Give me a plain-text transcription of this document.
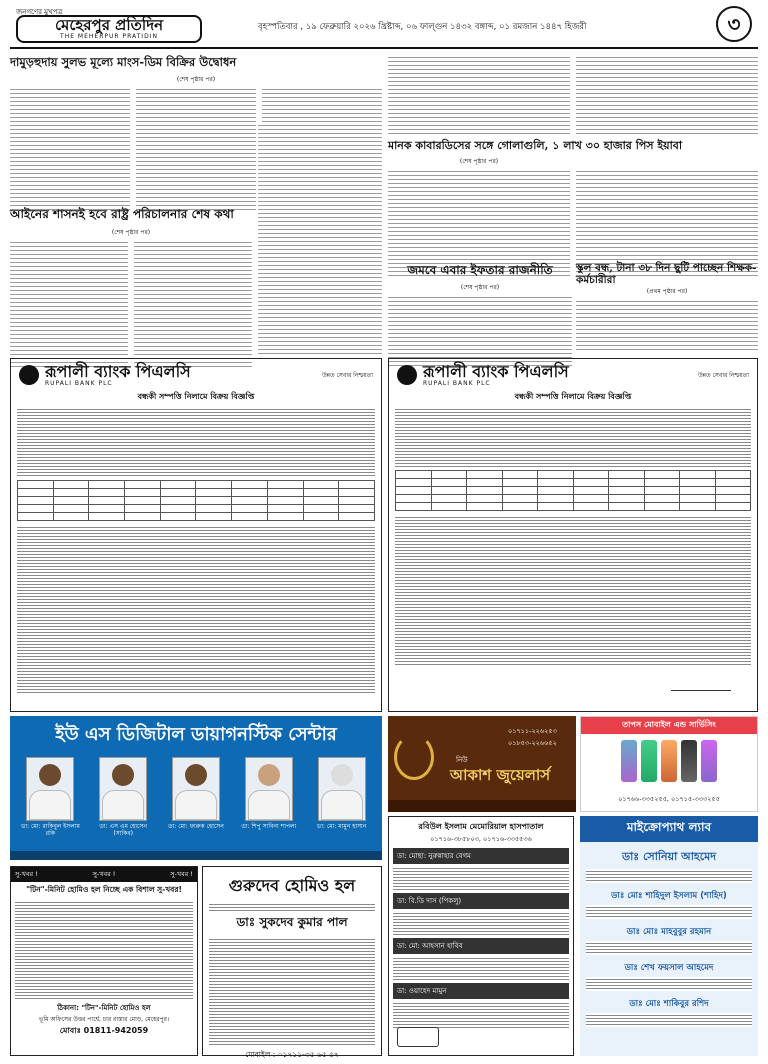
জনগণের মুখপত্র
মেহেরপুর প্রতিদিন
THE MEHERPUR PRATIDIN
বৃহস্পতিবার , ১৯ ফেব্রুয়ারি ২০২৬ খ্রিষ্টাব্দ, ০৬ ফাল্গুন ১৪৩২ বঙ্গাব্দ, ০১ রমজান ১৪৪৭ হিজরী	৩
দামুড়হুদায় সুলভ মূল্যে মাংস-ডিম বিক্রির উদ্বোধন
(শেষ পৃষ্ঠার পর)
আইনের শাসনই হবে রাষ্ট্র পরিচালনার শেষ কথা
(শেষ পৃষ্ঠার পর)
মানক কাবারডিসের সঙ্গে গোলাগুলি, ১ লাখ ৩০ হাজার পিস ইয়াবা
(শেষ পৃষ্ঠার পর)
জমবে এবার ইফতার রাজনীতি
(শেষ পৃষ্ঠার পর)
স্কুল বন্ধ, টানা ৩৮ দিন ছুটি পাচ্ছেন শিক্ষক-কর্মচারীরা
(প্রথম পৃষ্ঠার পর)
রূপালী ব্যাংক পিএলসি
RUPALI BANK PLC
উন্নত সেবার নিশ্চয়তা
বন্ধকী সম্পত্তি নিলামে বিক্রয় বিজ্ঞপ্তি

রূপালী ব্যাংক পিএলসি
RUPALI BANK PLC
উন্নত সেবার নিশ্চয়তা
বন্ধকী সম্পত্তি নিলামে বিক্রয় বিজ্ঞপ্তি

ইউ এস ডিজিটাল ডায়াগনস্টিক সেন্টার
ডা: মো: রাকিবুল ইসলাম রকি
ডা: এস এম হোসেন (সাকিব)
ডা: মো: ফারুক হোসেন	ডা: শিপু সাবিনা শাপলা	ডা: মো: মামুন হাসান
০১৭১১-২২৬২৫৩
০১৮৫৩-২২৬৬৫২
নিউ
আকাশ জুয়েলার্স
তাপস মোবাইল এন্ড সার্ভিসিং
০১৭৬৬-৩৩৫২৫৫, ০১৭১৫-৩৩৩২৫৫
রবিউল ইসলাম মেমোরিয়াল হাসপাতাল
০১৭১৬-৩৮৫৮০৩, ০১৭১৬-৩৩৫৫৩৬
ডা: মোছা: নুরুন্নাহার বেগম
ডা: বি.ডি দাস (পিকলু)
ডা: মো: আহসান হাবিব
ডা: ওয়াহেদ মামুন
মাইক্রোপ্যাথ ল্যাব
ডাঃ সোনিয়া আহমেদ
ডাঃ মোঃ শাহিদুল ইসলাম (শাহিদ)
ডাঃ মোঃ মাহবুবুর রহমান
ডাঃ শেখ ফয়সাল আহমেদ
ডাঃ মোঃ শাকিবুর রশিদ
সু-খবর !	সু-খবর !	সু-খবর !
"টিন"-মিনিট হোমিও হল নিচ্ছে এক বিশাল সু-খবর!
ঠিকানা: "টিন"-মিনিট হোমিও হল
ভূমি অফিসের উত্তর পার্শ্বে, চার রাস্তার মোড়, মেহেরপুর।
মোবাঃ 01811-942059
গুরুদেব হোমিও হল
ডাঃ সুকদেব কুমার পাল
মোবাইল : ০১৭১১-৩৫ ৬৫ ৫৭
